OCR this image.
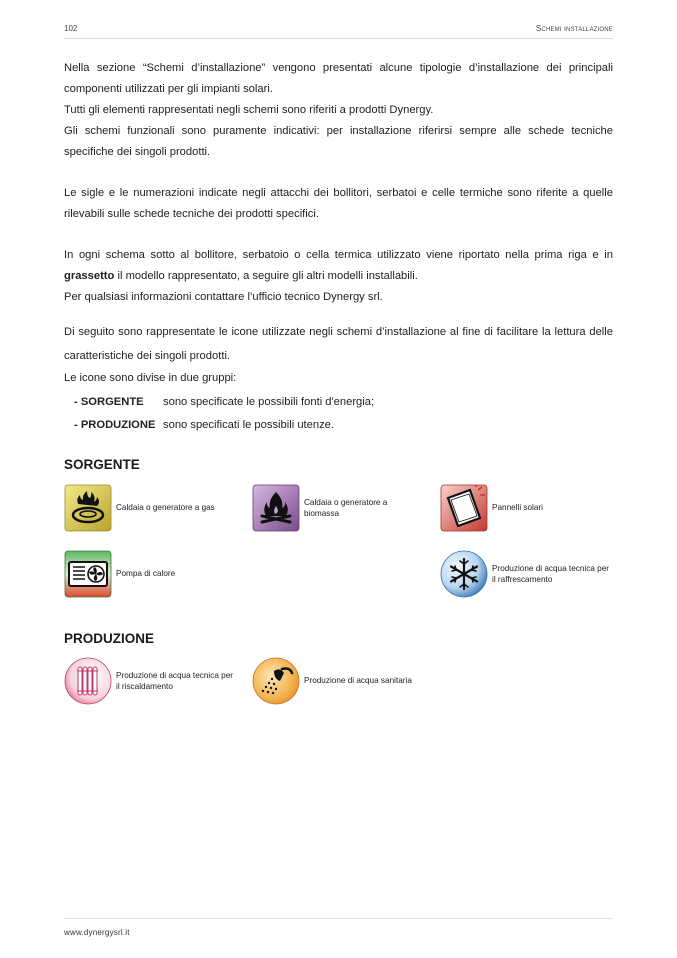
102	Schemi installazione

Nella sezione “Schemi d’installazione” vengono presentati alcune tipologie d’installazione dei principali componenti utilizzati per gli impianti solari.

Tutti gli elementi rappresentati negli schemi sono riferiti a prodotti Dynergy.

Gli schemi funzionali sono puramente indicativi: per installazione riferirsi sempre alle schede tecniche specifiche dei singoli prodotti.

Le sigle e le numerazioni indicate negli attacchi dei bollitori, serbatoi e celle termiche sono riferite a quelle rilevabili sulle schede tecniche dei prodotti specifici.

In ogni schema sotto al bollitore, serbatoio o cella termica utilizzato viene riportato nella prima riga e in grassetto il modello rappresentato, a seguire gli altri modelli installabili.

Per qualsiasi informazioni contattare l’ufficio tecnico Dynergy srl.

Di seguito sono rappresentate le icone utilizzate negli schemi d’installazione al fine di facilitare la lettura delle caratteristiche dei singoli prodotti.

Le icone sono divise in due gruppi:

- SORGENTE	sono specificate le possibili fonti d'energia;
- PRODUZIONE sono specificati le possibili utenze.
SORGENTE
Caldaia o generatore a gas
Caldaia o generatore a biomassa
Pannelli solari
Pompa di calore
Produzione di acqua tecnica per il raffrescamento
PRODUZIONE
Produzione di acqua tecnica per il riscaldamento
Produzione di acqua sanitaria
www.dynergysrl.it
